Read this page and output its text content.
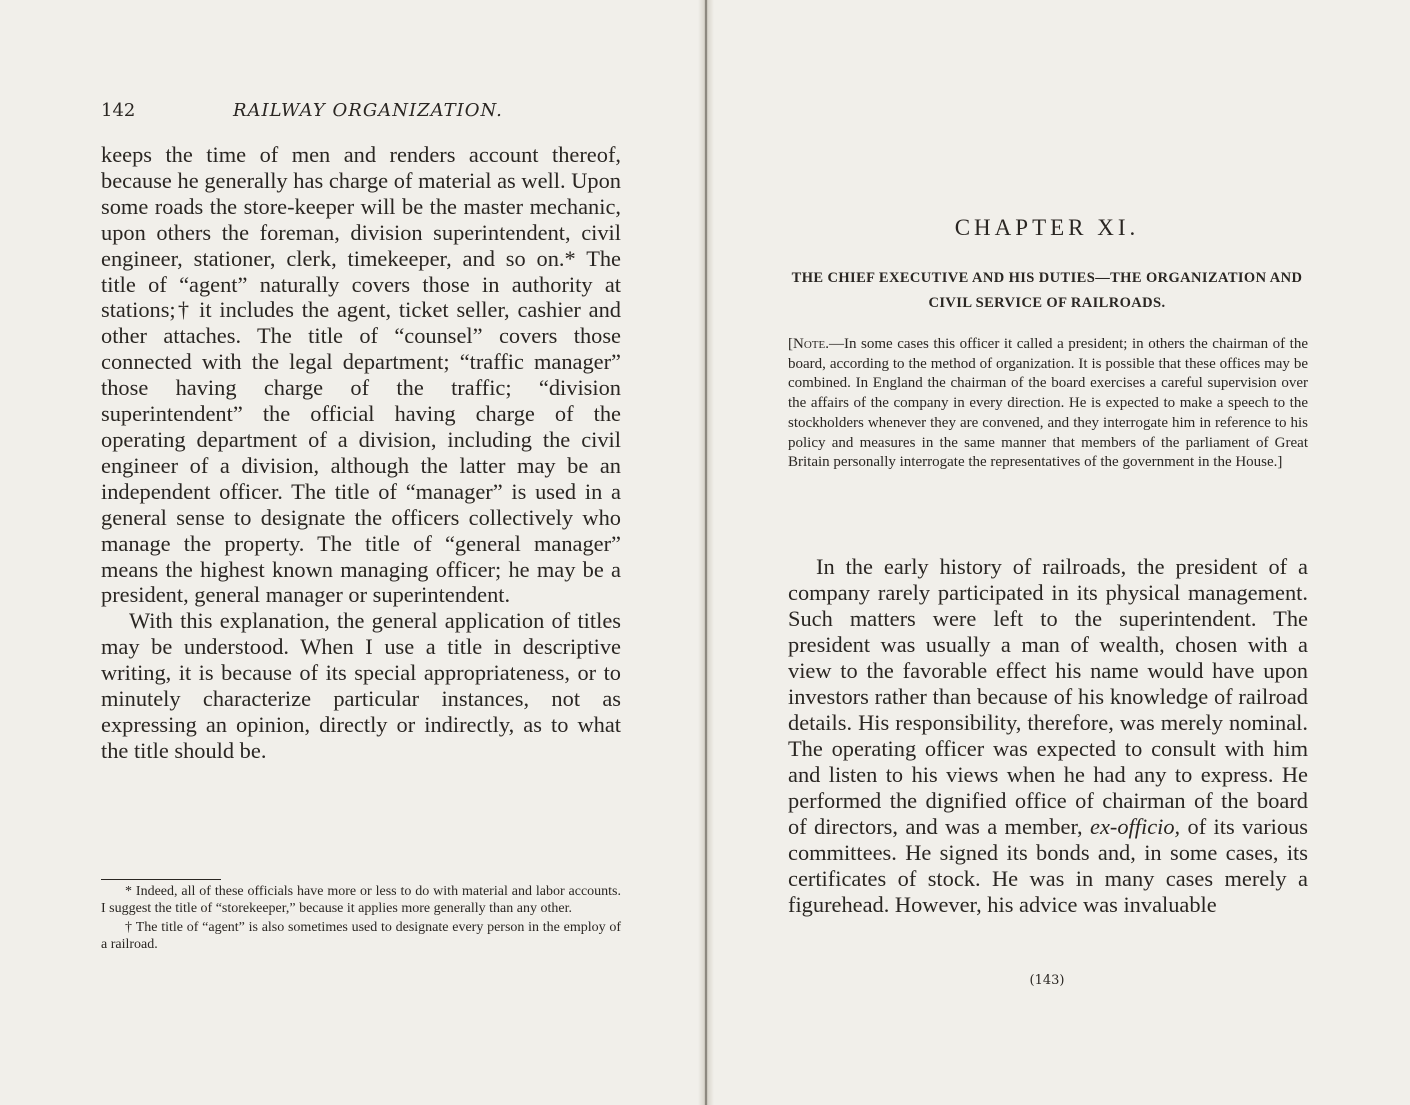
142	RAILWAY ORGANIZATION.

keeps the time of men and renders account thereof, because he generally has charge of material as well. Upon some roads the store-keeper will be the master mechanic, upon others the foreman, division superintendent, civil engineer, stationer, clerk, timekeeper, and so on.* The title of “agent” naturally covers those in authority at stations;† it includes the agent, ticket seller, cashier and other attaches. The title of “counsel” covers those connected with the legal department; “traffic manager” those having charge of the traffic; “division superintendent” the official having charge of the operating department of a division, including the civil engineer of a division, although the latter may be an independent officer. The title of “manager” is used in a general sense to designate the officers collectively who manage the property. The title of “general manager” means the highest known managing officer; he may be a president, general manager or superintendent.

With this explanation, the general application of titles may be understood. When I use a title in descriptive writing, it is because of its special appropriateness, or to minutely characterize particular instances, not as expressing an opinion, directly or indirectly, as to what the title should be.

* Indeed, all of these officials have more or less to do with material and labor accounts. I suggest the title of “storekeeper,” because it applies more generally than any other.

† The title of “agent” is also sometimes used to designate every person in the employ of a railroad.

CHAPTER XI.
THE CHIEF EXECUTIVE AND HIS DUTIES—THE ORGANIZATION AND CIVIL SERVICE OF RAILROADS.
[Note.—In some cases this officer it called a president; in others the chairman of the board, according to the method of organization. It is possible that these offices may be combined. In England the chairman of the board exercises a careful supervision over the affairs of the company in every direction. He is expected to make a speech to the stockholders whenever they are convened, and they interrogate him in reference to his policy and measures in the same manner that members of the parliament of Great Britain personally interrogate the representatives of the government in the House.]

In the early history of railroads, the president of a company rarely participated in its physical management. Such matters were left to the superintendent. The president was usually a man of wealth, chosen with a view to the favorable effect his name would have upon investors rather than because of his knowledge of railroad details. His responsibility, therefore, was merely nominal. The operating officer was expected to consult with him and listen to his views when he had any to express. He performed the dignified office of chairman of the board of directors, and was a member, ex-officio, of its various committees. He signed its bonds and, in some cases, its certificates of stock. He was in many cases merely a figurehead. However, his advice was invaluable

(143)
